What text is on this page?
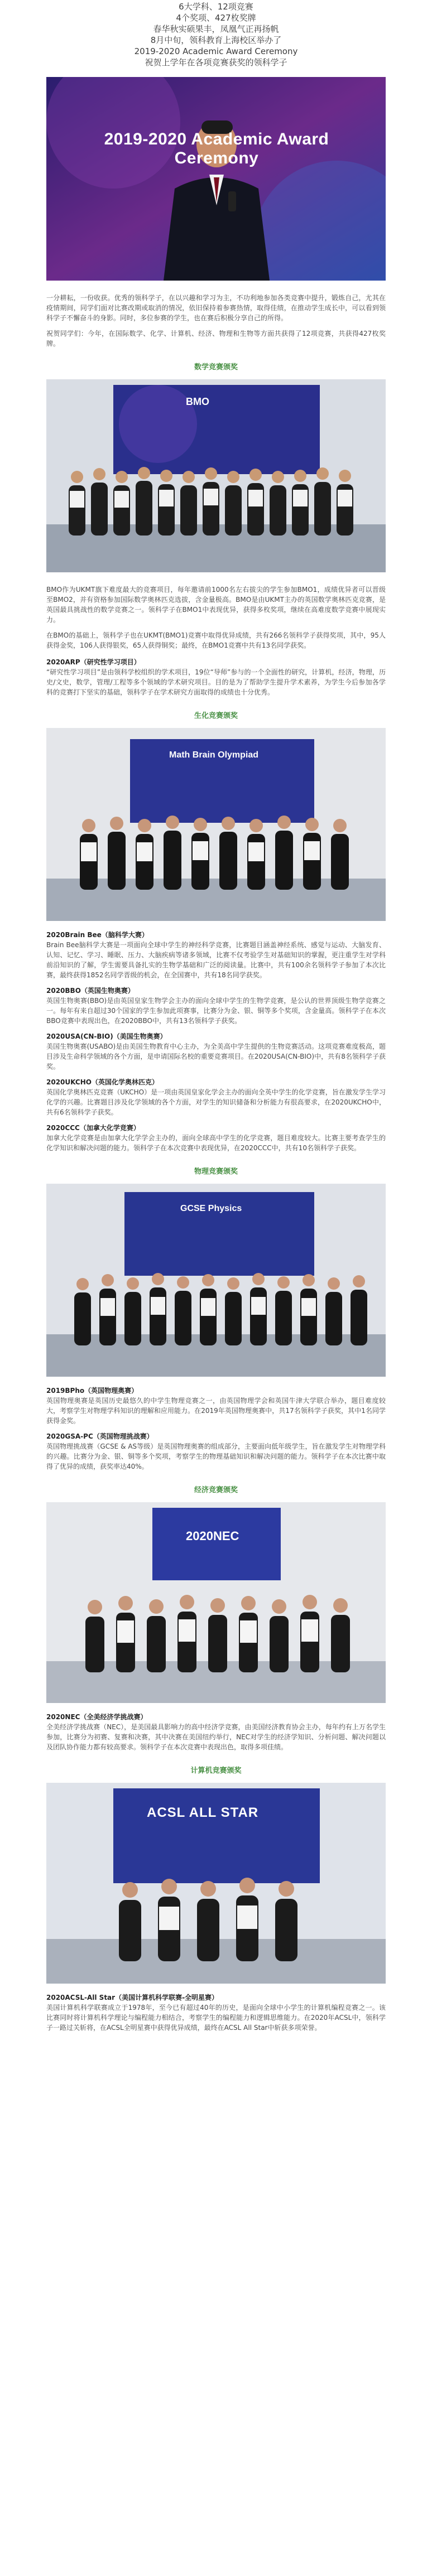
6大学科、12项竞赛

4个奖项、427枚奖牌

春华秋实硕果丰，凤凰气正再扬帆

8月中旬，领科教育上海校区举办了

2019-2020 Academic Award Ceremony

祝贺上学年在各项竞赛获奖的领科学子

2019-2020 Academic Award Ceremony

一分耕耘，一份收获。优秀的领科学子，在以兴趣和学习为主，不功利地参加各类竞赛中提升，锻炼自己，尤其在疫情期间，同学们面对比赛改期或取消的情况，依旧保持着参赛热情，取得佳绩，在推动学生成长中，可以看到领科学子不懈奋斗的身影。同时，多位参赛的学生，也在赛后积极分享自己的所得。

祝贺同学们：今年，在国际数学、化学、计算机、经济、物理和生物等方面共获得了12项竞赛，共获得427枚奖牌。

数学竞赛颁奖

BMO

BMO作为UKMT旗下难度最大的竞赛项目，每年邀请前1000名左右拔尖的学生参加BMO1，成绩优异者可以晋级至BMO2，并有资格参加国际数学奥林匹克选拔，含金量极高。BMO是由UKMT主办的英国数学奥林匹克竞赛，是英国最具挑战性的数学竞赛之一。领科学子在BMO1中表现优异，获得多枚奖项，继续在高难度数学竞赛中展现实力。

在BMO的基础上，领科学子也在UKMT(BMO1)竞赛中取得优异成绩，共有266名领科学子获得奖项，其中，95人获得金奖，106人获得银奖，65人获得铜奖；最终，在BMO1竞赛中共有13名同学获奖。

2020ARP（研究性学习项目）

“研究性学习项目”是由领科学校组织的学术项目，19位“导师”参与的一个全面性的研究，计算机，经济，物理，历史/文史，数学，管理/工程等多个领域的学术研究项目。目的是为了帮助学生提升学术素养，为学生今后参加各学科的竞赛打下坚实的基础，领科学子在学术研究方面取得的成绩也十分优秀。

生化竞赛颁奖

Math Brain Olympiad

2020Brain Bee（脑科学大赛）

Brain Bee脑科学大赛是一项面向全球中学生的神经科学竞赛，比赛题目涵盖神经系统、感觉与运动、大脑发育、认知、记忆、学习、睡眠、压力、大脑疾病等诸多领域，比赛不仅考验学生对基础知识的掌握，更注重学生对学科前沿知识的了解，学生需要具备扎实的生物学基础和广泛的阅读量。比赛中，共有100余名领科学子参加了本次比赛，最终获得1852名同学晋级的机会，在全国赛中，共有18名同学获奖。

2020BBO（英国生物奥赛）

英国生物奥赛(BBO)是由英国皇家生物学会主办的面向全球中学生的生物学竞赛，是公认的世界顶级生物学竞赛之一。每年有来自超过30个国家的学生参加此项赛事，比赛分为金、银、铜等多个奖项，含金量高。领科学子在本次BBO竞赛中表现出色，在2020BBO中，共有13名领科学子获奖。

2020USA(CN-BIO)（美国生物奥赛）

美国生物奥赛(USABO)是由美国生物教育中心主办，为全美高中学生提供的生物竞赛活动。这项竞赛难度极高，题目涉及生命科学领域的各个方面，是申请国际名校的重要竞赛项目。在2020USA(CN-BIO)中，共有8名领科学子获奖。

2020UKCHO（英国化学奥林匹克）

英国化学奥林匹克竞赛（UKCHO）是一项由英国皇家化学会主办的面向全英中学生的化学竞赛，旨在激发学生学习化学的兴趣。比赛题目涉及化学领域的各个方面，对学生的知识储备和分析能力有很高要求，在2020UKCHO中，共有6名领科学子获奖。

2020CCC（加拿大化学竞赛）

加拿大化学竞赛是由加拿大化学学会主办的，面向全球高中学生的化学竞赛，题目难度较大。比赛主要考查学生的化学知识和解决问题的能力。领科学子在本次竞赛中表现优异，在2020CCC中，共有10名领科学子获奖。

物理竞赛颁奖

GCSE Physics

2019BPho（英国物理奥赛）

英国物理奥赛是英国历史最悠久的中学生物理竞赛之一，由英国物理学会和英国牛津大学联合举办，题目难度较大，考察学生对物理学科知识的理解和应用能力。在2019年英国物理奥赛中，共17名领科学子获奖，其中1名同学获得金奖。

2020GSA-PC（英国物理挑战赛）

英国物理挑战赛（GCSE & AS等级）是英国物理奥赛的组成部分，主要面向低年级学生，旨在激发学生对物理学科的兴趣。比赛分为金、银、铜等多个奖项，考察学生的物理基础知识和解决问题的能力。领科学子在本次比赛中取得了优异的成绩，获奖率达40%。

经济竞赛颁奖

2020NEC

2020NEC（全美经济学挑战赛）

全美经济学挑战赛（NEC），是美国最具影响力的高中经济学竞赛，由美国经济教育协会主办，每年约有上万名学生参加，比赛分为初赛、复赛和决赛，其中决赛在美国纽约举行，NEC对学生的经济学知识、分析问题、解决问题以及团队协作能力都有较高要求。领科学子在本次竞赛中表现出色，取得多项佳绩。

计算机竞赛颁奖

ACSL ALL STAR

2020ACSL-All Star（美国计算机科学联赛-全明星赛）

美国计算机科学联赛成立于1978年，至今已有超过40年的历史，是面向全球中小学生的计算机编程竞赛之一。该比赛同时将计算机科学理论与编程能力相结合，考察学生的编程能力和逻辑思维能力。在2020年ACSL中，领科学子一路过关斩将，在ACSL全明星赛中获得优异成绩，最终在ACSL All Star中斩获多项荣誉。
